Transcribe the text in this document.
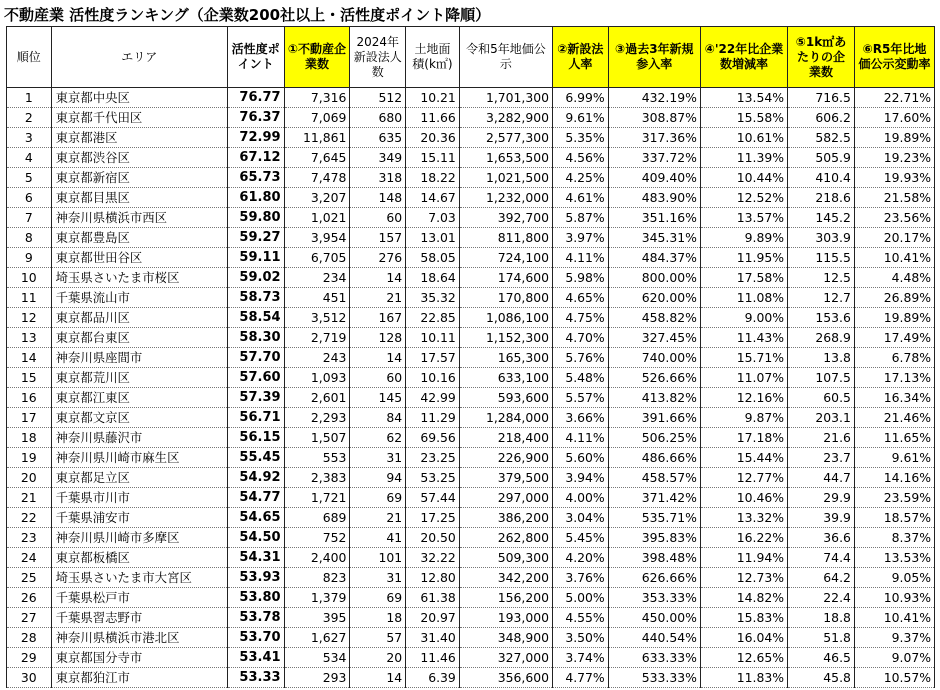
不動産業 活性度ランキング（企業数200社以上・活性度ポイント降順）
順位	エリア	活性度ポイント	①不動産企業数	2024年新設法人数	土地面積(k㎡)	令和5年地価公示	②新設法人率	③過去3年新規参入率	④'22年比企業数増減率	⑤1k㎡あたりの企業数	⑥R5年比地価公示変動率
1	東京都中央区	76.77	7,316	512	10.21	1,701,300	6.99%	432.19%	13.54%	716.5	22.71%
2	東京都千代田区	76.37	7,069	680	11.66	3,282,900	9.61%	308.87%	15.58%	606.2	17.60%
3	東京都港区	72.99	11,861	635	20.36	2,577,300	5.35%	317.36%	10.61%	582.5	19.89%
4	東京都渋谷区	67.12	7,645	349	15.11	1,653,500	4.56%	337.72%	11.39%	505.9	19.23%
5	東京都新宿区	65.73	7,478	318	18.22	1,021,500	4.25%	409.40%	10.44%	410.4	19.93%
6	東京都目黒区	61.80	3,207	148	14.67	1,232,000	4.61%	483.90%	12.52%	218.6	21.58%
7	神奈川県横浜市西区	59.80	1,021	60	7.03	392,700	5.87%	351.16%	13.57%	145.2	23.56%
8	東京都豊島区	59.27	3,954	157	13.01	811,800	3.97%	345.31%	9.89%	303.9	20.17%
9	東京都世田谷区	59.11	6,705	276	58.05	724,100	4.11%	484.37%	11.95%	115.5	10.41%
10	埼玉県さいたま市桜区	59.02	234	14	18.64	174,600	5.98%	800.00%	17.58%	12.5	4.48%
11	千葉県流山市	58.73	451	21	35.32	170,800	4.65%	620.00%	11.08%	12.7	26.89%
12	東京都品川区	58.54	3,512	167	22.85	1,086,100	4.75%	458.82%	9.00%	153.6	19.89%
13	東京都台東区	58.30	2,719	128	10.11	1,152,300	4.70%	327.45%	11.43%	268.9	17.49%
14	神奈川県座間市	57.70	243	14	17.57	165,300	5.76%	740.00%	15.71%	13.8	6.78%
15	東京都荒川区	57.60	1,093	60	10.16	633,100	5.48%	526.66%	11.07%	107.5	17.13%
16	東京都江東区	57.39	2,601	145	42.99	593,600	5.57%	413.82%	12.16%	60.5	16.34%
17	東京都文京区	56.71	2,293	84	11.29	1,284,000	3.66%	391.66%	9.87%	203.1	21.46%
18	神奈川県藤沢市	56.15	1,507	62	69.56	218,400	4.11%	506.25%	17.18%	21.6	11.65%
19	神奈川県川崎市麻生区	55.45	553	31	23.25	226,900	5.60%	486.66%	15.44%	23.7	9.61%
20	東京都足立区	54.92	2,383	94	53.25	379,500	3.94%	458.57%	12.77%	44.7	14.16%
21	千葉県市川市	54.77	1,721	69	57.44	297,000	4.00%	371.42%	10.46%	29.9	23.59%
22	千葉県浦安市	54.65	689	21	17.25	386,200	3.04%	535.71%	13.32%	39.9	18.57%
23	神奈川県川崎市多摩区	54.50	752	41	20.50	262,800	5.45%	395.83%	16.22%	36.6	8.37%
24	東京都板橋区	54.31	2,400	101	32.22	509,300	4.20%	398.48%	11.94%	74.4	13.53%
25	埼玉県さいたま市大宮区	53.93	823	31	12.80	342,200	3.76%	626.66%	12.73%	64.2	9.05%
26	千葉県松戸市	53.80	1,379	69	61.38	156,200	5.00%	353.33%	14.82%	22.4	10.93%
27	千葉県習志野市	53.78	395	18	20.97	193,000	4.55%	450.00%	15.83%	18.8	10.41%
28	神奈川県横浜市港北区	53.70	1,627	57	31.40	348,900	3.50%	440.54%	16.04%	51.8	9.37%
29	東京都国分寺市	53.41	534	20	11.46	327,000	3.74%	633.33%	12.65%	46.5	9.07%
30	東京都狛江市	53.33	293	14	6.39	356,600	4.77%	533.33%	11.83%	45.8	10.57%
